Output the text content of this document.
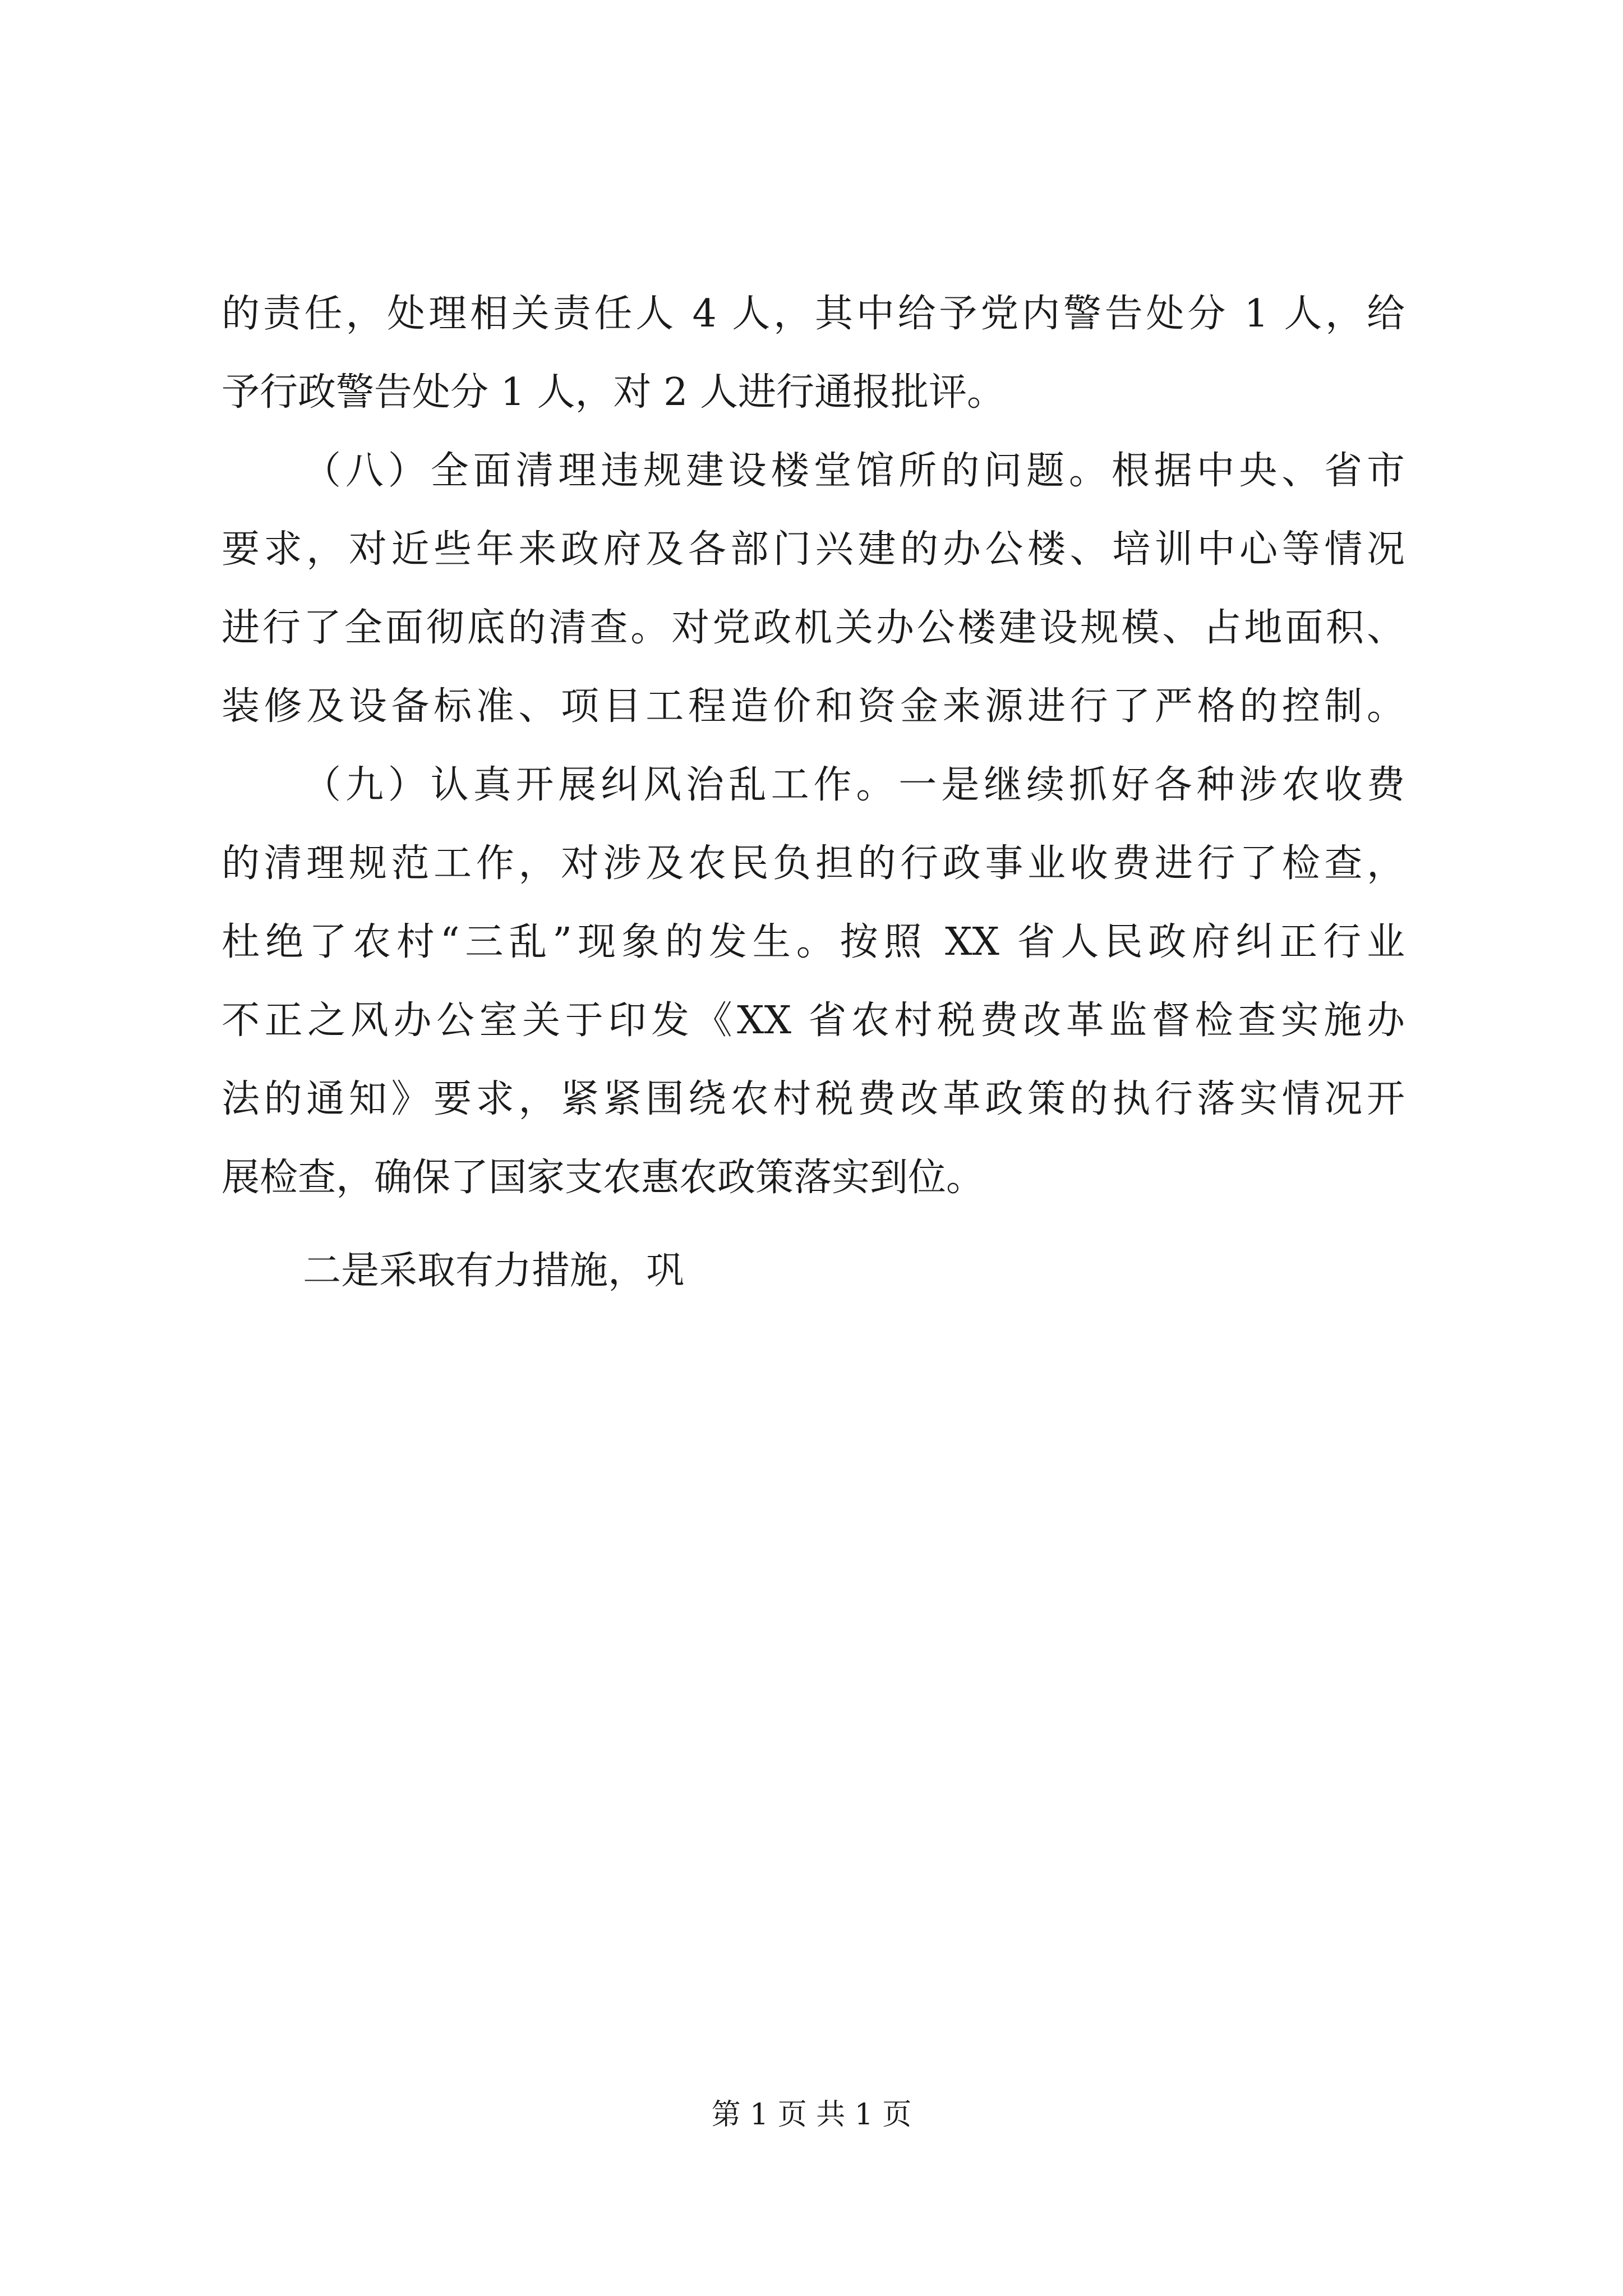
的责任，处理相关责任人 4 人，其中给予党内警告处分 1 人，给
予行政警告处分 1 人，对 2 人进行通报批评。
（八）全面清理违规建设楼堂馆所的问题。根据中央、省市
要求，对近些年来政府及各部门兴建的办公楼、培训中心等情况
进行了全面彻底的清查。对党政机关办公楼建设规模、占地面积、
装修及设备标准、项目工程造价和资金来源进行了严格的控制。
（九）认真开展纠风治乱工作。一是继续抓好各种涉农收费
的清理规范工作，对涉及农民负担的行政事业收费进行了检查，
杜绝了农村“三乱”现象的发生。按照 XX 省人民政府纠正行业
不正之风办公室关于印发《XX 省农村税费改革监督检查实施办
法的通知》要求，紧紧围绕农村税费改革政策的执行落实情况开
展检查，确保了国家支农惠农政策落实到位。
二是采取有力措施，巩
第 1 页 共 1 页
